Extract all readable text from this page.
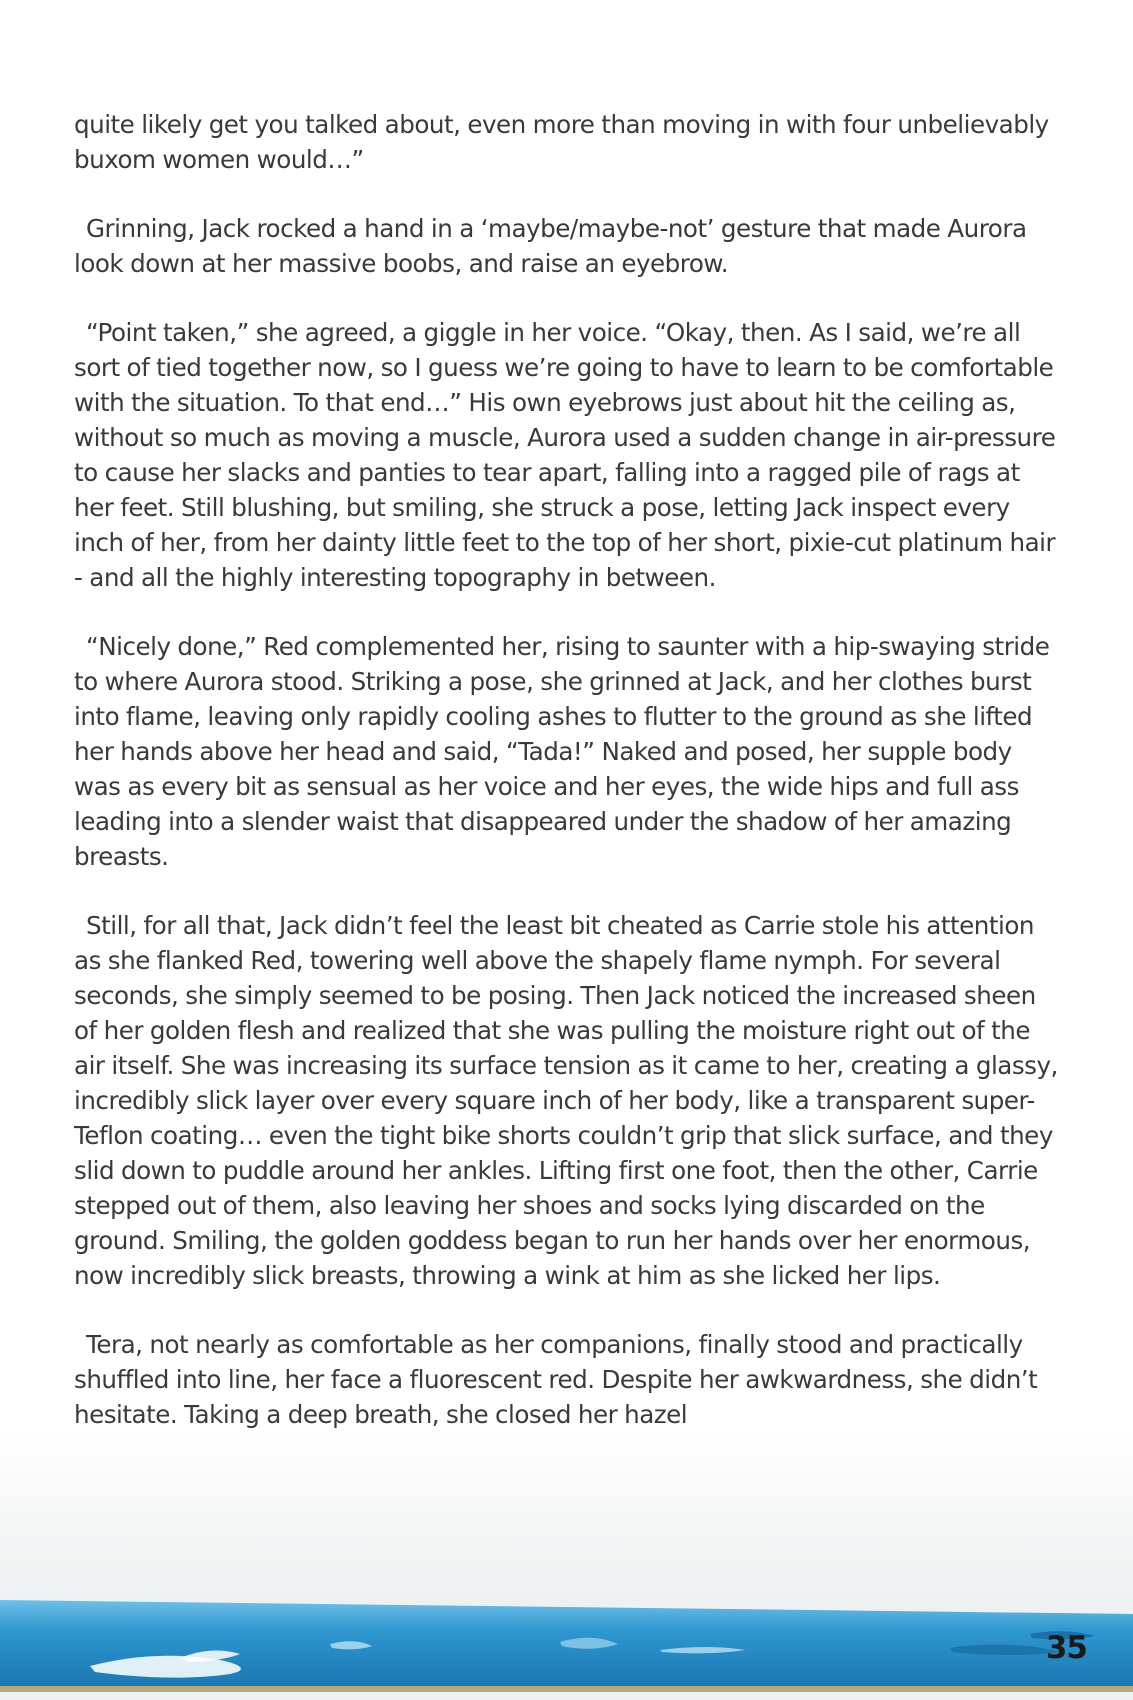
quite likely get you talked about, even more than moving in with four unbelievably buxom women would…”

Grinning, Jack rocked a hand in a ‘maybe/maybe-not’ gesture that made Aurora look down at her massive boobs, and raise an eyebrow.

“Point taken,” she agreed, a giggle in her voice. “Okay, then. As I said, we’re all sort of tied together now, so I guess we’re going to have to learn to be comfortable with the situation. To that end…” His own eyebrows just about hit the ceiling as, without so much as moving a muscle, Aurora used a sudden change in air-pressure to cause her slacks and panties to tear apart, falling into a ragged pile of rags at her feet. Still blushing, but smiling, she struck a pose, letting Jack inspect every inch of her, from her dainty little feet to the top of her short, pixie-cut platinum hair - and all the highly interesting topography in between.

“Nicely done,” Red complemented her, rising to saunter with a hip-swaying stride to where Aurora stood. Striking a pose, she grinned at Jack, and her clothes burst into flame, leaving only rapidly cooling ashes to flutter to the ground as she lifted her hands above her head and said, “Tada!” Naked and posed, her supple body was as every bit as sensual as her voice and her eyes, the wide hips and full ass leading into a slender waist that disappeared under the shadow of her amazing breasts.

Still, for all that, Jack didn’t feel the least bit cheated as Carrie stole his attention as she flanked Red, towering well above the shapely flame nymph. For several seconds, she simply seemed to be posing. Then Jack noticed the increased sheen of her golden flesh and realized that she was pulling the moisture right out of the air itself. She was increasing its surface tension as it came to her, creating a glassy, incredibly slick layer over every square inch of her body, like a transparent super-Teflon coating… even the tight bike shorts couldn’t grip that slick surface, and they slid down to puddle around her ankles. Lifting first one foot, then the other, Carrie stepped out of them, also leaving her shoes and socks lying discarded on the ground. Smiling, the golden goddess began to run her hands over her enormous, now incredibly slick breasts, throwing a wink at him as she licked her lips.

Tera, not nearly as comfortable as her companions, finally stood and practically shuffled into line, her face a fluorescent red. Despite her awkwardness, she didn’t hesitate. Taking a deep breath, she closed her hazel

35
